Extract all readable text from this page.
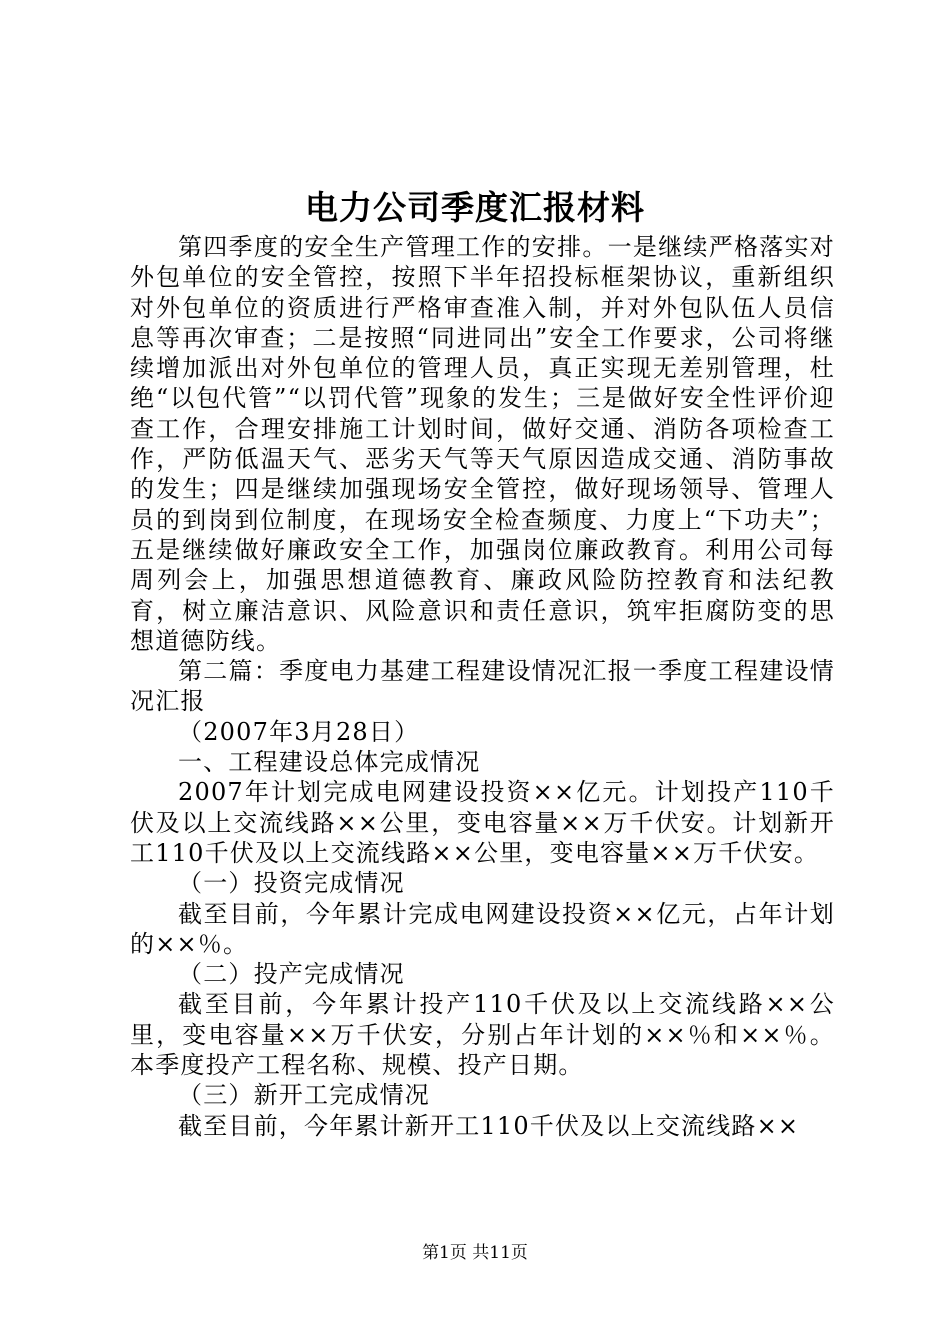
电力公司季度汇报材料

第四季度的安全生产管理工作的安排。一是继续严格落实对外包单位的安全管控，按照下半年招投标框架协议，重新组织对外包单位的资质进行严格审查准入制，并对外包队伍人员信息等再次审查；二是按照“同进同出”安全工作要求，公司将继续增加派出对外包单位的管理人员，真正实现无差别管理，杜绝“以包代管”“以罚代管”现象的发生；三是做好安全性评价迎查工作，合理安排施工计划时间，做好交通、消防各项检查工作，严防低温天气、恶劣天气等天气原因造成交通、消防事故的发生；四是继续加强现场安全管控，做好现场领导、管理人员的到岗到位制度，在现场安全检查频度、力度上“下功夫”；五是继续做好廉政安全工作，加强岗位廉政教育。利用公司每周列会上，加强思想道德教育、廉政风险防控教育和法纪教育，树立廉洁意识、风险意识和责任意识，筑牢拒腐防变的思想道德防线。

第二篇：季度电力基建工程建设情况汇报一季度工程建设情况汇报

（2007年3月28日）

一、工程建设总体完成情况

2007年计划完成电网建设投资××亿元。计划投产110千伏及以上交流线路××公里，变电容量××万千伏安。计划新开工110千伏及以上交流线路××公里，变电容量××万千伏安。

（一）投资完成情况

截至目前，今年累计完成电网建设投资××亿元，占年计划的××％。

（二）投产完成情况

截至目前，今年累计投产110千伏及以上交流线路××公里，变电容量××万千伏安，分别占年计划的××％和××％。本季度投产工程名称、规模、投产日期。

（三）新开工完成情况

截至目前，今年累计新开工110千伏及以上交流线路××

第1页 共11页
